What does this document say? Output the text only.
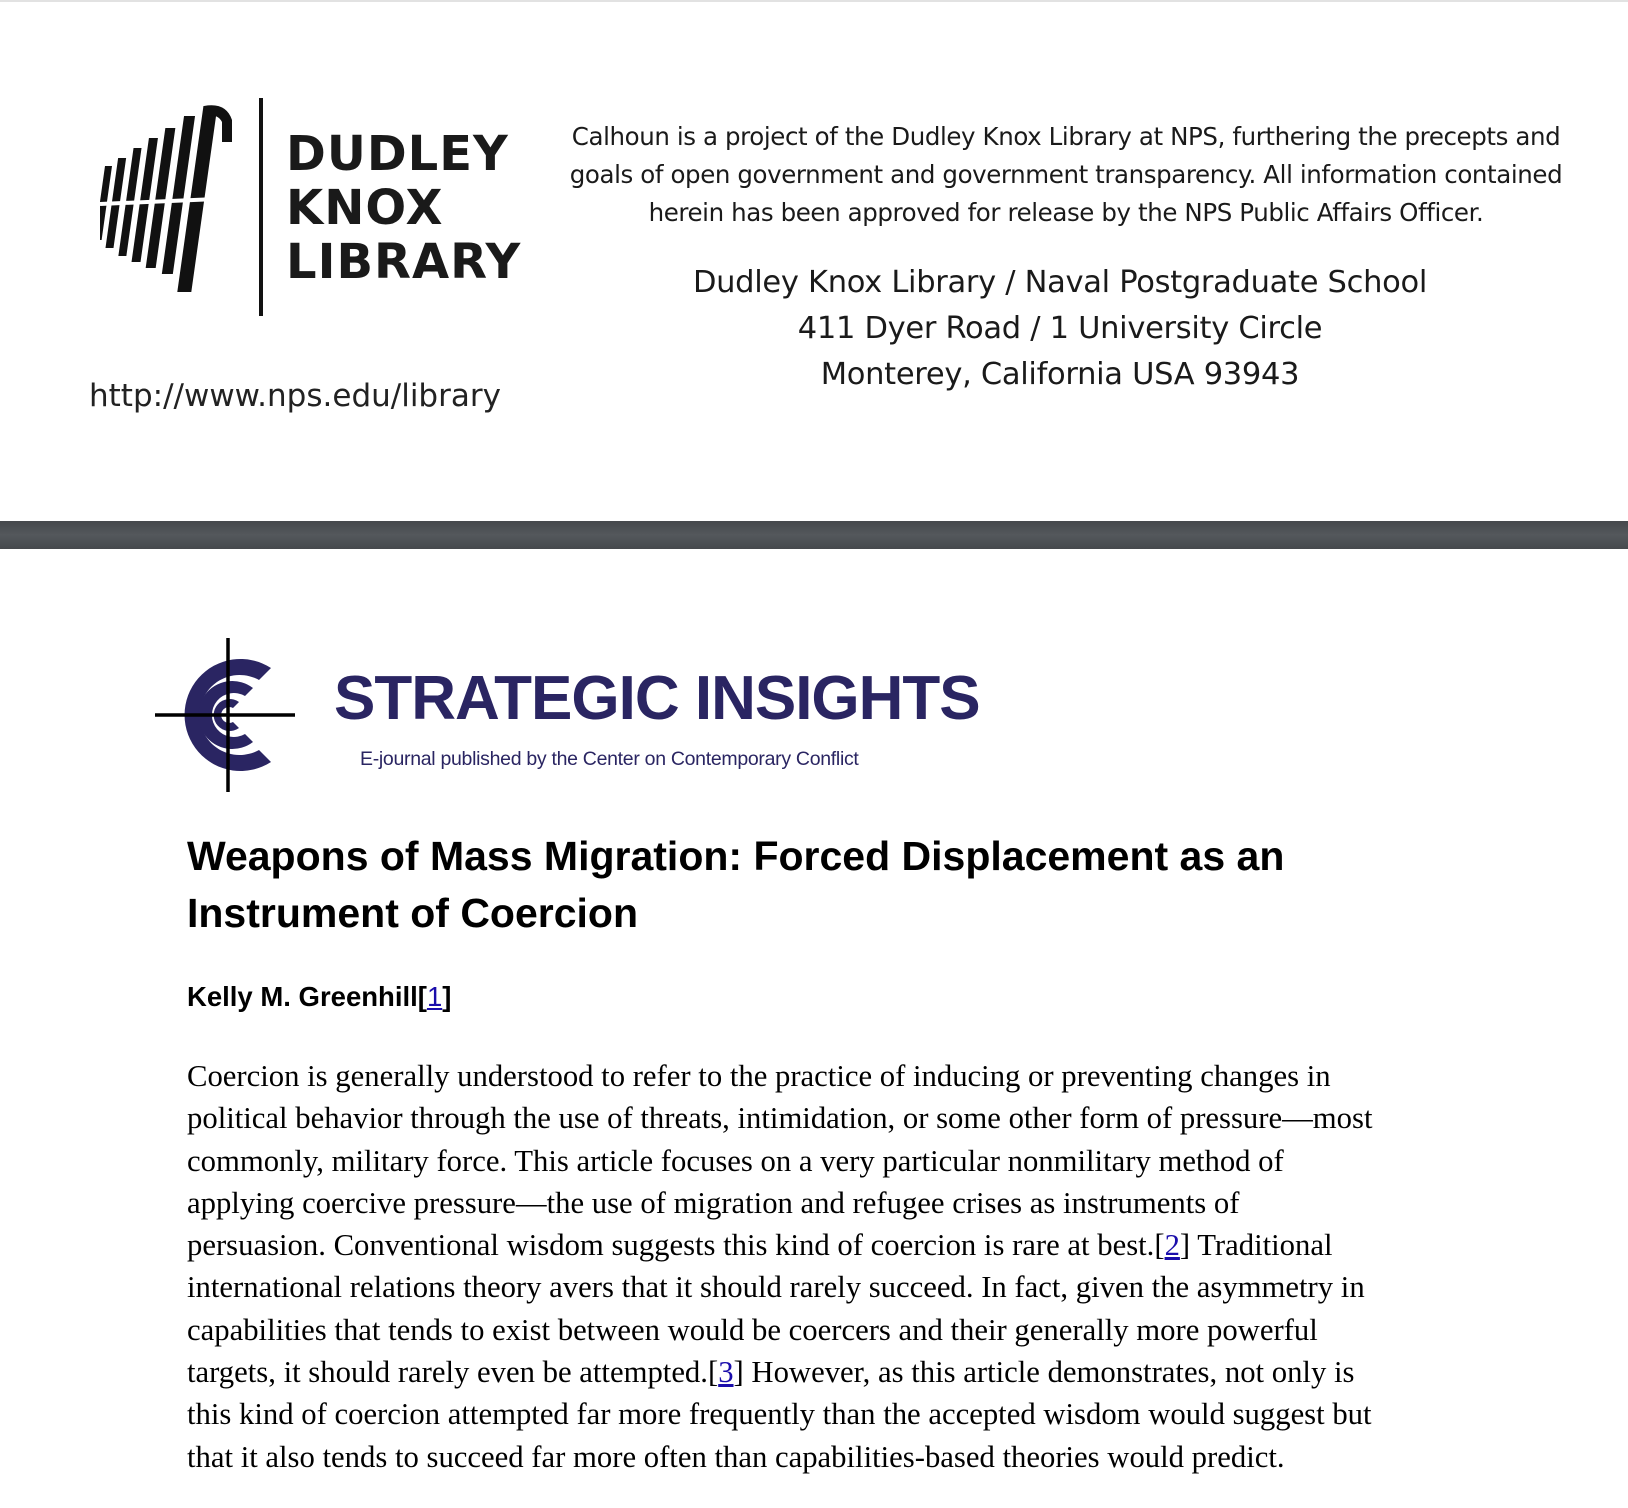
DUDLEY
KNOX
LIBRARY
http://www.nps.edu/library
Calhoun is a project of the Dudley Knox Library at NPS, furthering the precepts and
goals of open government and government transparency. All information contained
herein has been approved for release by the NPS Public Affairs Officer.
Dudley Knox Library / Naval Postgraduate School
411 Dyer Road / 1 University Circle
Monterey, California USA 93943
STRATEGIC INSIGHTS
E-journal published by the Center on Contemporary Conflict
Weapons of Mass Migration: Forced Displacement as an
Instrument of Coercion
Kelly M. Greenhill[1]

Coercion is generally understood to refer to the practice of inducing or preventing changes in
political behavior through the use of threats, intimidation, or some other form of pressure—most
commonly, military force. This article focuses on a very particular nonmilitary method of
applying coercive pressure—the use of migration and refugee crises as instruments of
persuasion. Conventional wisdom suggests this kind of coercion is rare at best.[2] Traditional
international relations theory avers that it should rarely succeed. In fact, given the asymmetry in
capabilities that tends to exist between would be coercers and their generally more powerful
targets, it should rarely even be attempted.[3] However, as this article demonstrates, not only is
this kind of coercion attempted far more frequently than the accepted wisdom would suggest but
that it also tends to succeed far more often than capabilities-based theories would predict.
